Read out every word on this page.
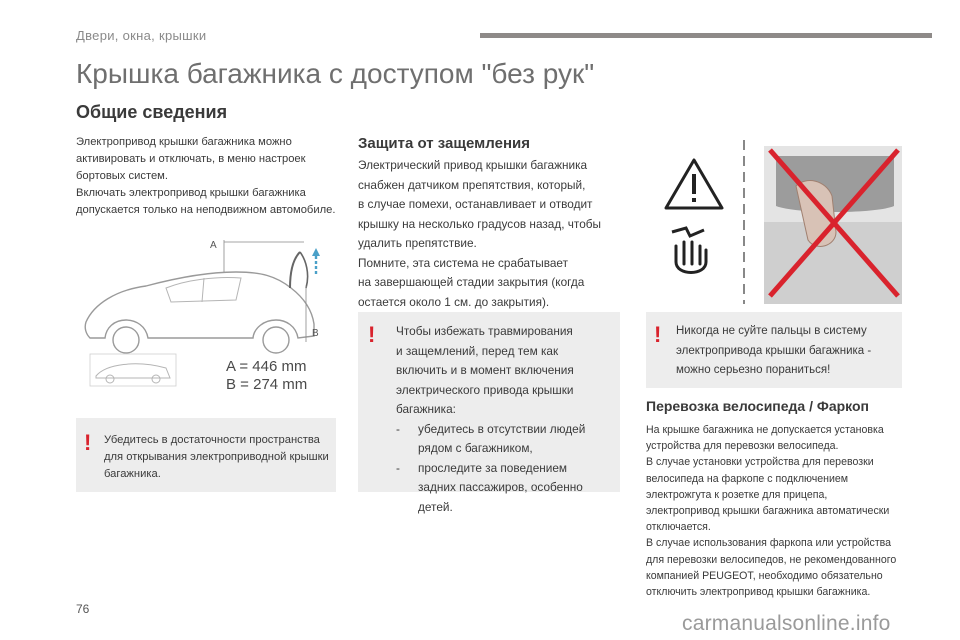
Двери, окна, крышки
Крышка багажника с доступом "без рук"
Общие сведения
Электропривод крышки багажника можно
активировать и отключать, в меню настроек
бортовых систем.
Включать электропривод крышки багажника
допускается только на неподвижном автомобиле.
A
B
A = 446 mm
B = 274 mm
! Убедитесь в достаточности пространства
для открывания электроприводной крышки
багажника.
Защита от защемления
Электрический привод крышки багажника
снабжен датчиком препятствия, который,
в случае помехи, останавливает и отводит
крышку на несколько градусов назад, чтобы
удалить препятствие.
Помните, эта система не срабатывает
на завершающей стадии закрытия (когда
остается около 1 см. до закрытия).
! Чтобы избежать травмирования
и защемлений, перед тем как
включить и в момент включения
электрического привода крышки
багажника:
-	убедитесь в отсутствии людей
рядом с багажником,
-	проследите за поведением
задних пассажиров, особенно
детей.
! Никогда не суйте пальцы в систему
электропривода крышки багажника -
можно серьезно пораниться!
Перевозка велосипеда / Фаркоп
На крышке багажника не допускается установка
устройства для перевозки велосипеда.
В случае установки устройства для перевозки
велосипеда на фаркопе с подключением
электрожгута к розетке для прицепа,
электропривод крышки багажника автоматически
отключается.
В случае использования фаркопа или устройства
для перевозки велосипедов, не рекомендованного
компанией PEUGEOT, необходимо обязательно
отключить электропривод крышки багажника.
76
carmanualsonline.info
